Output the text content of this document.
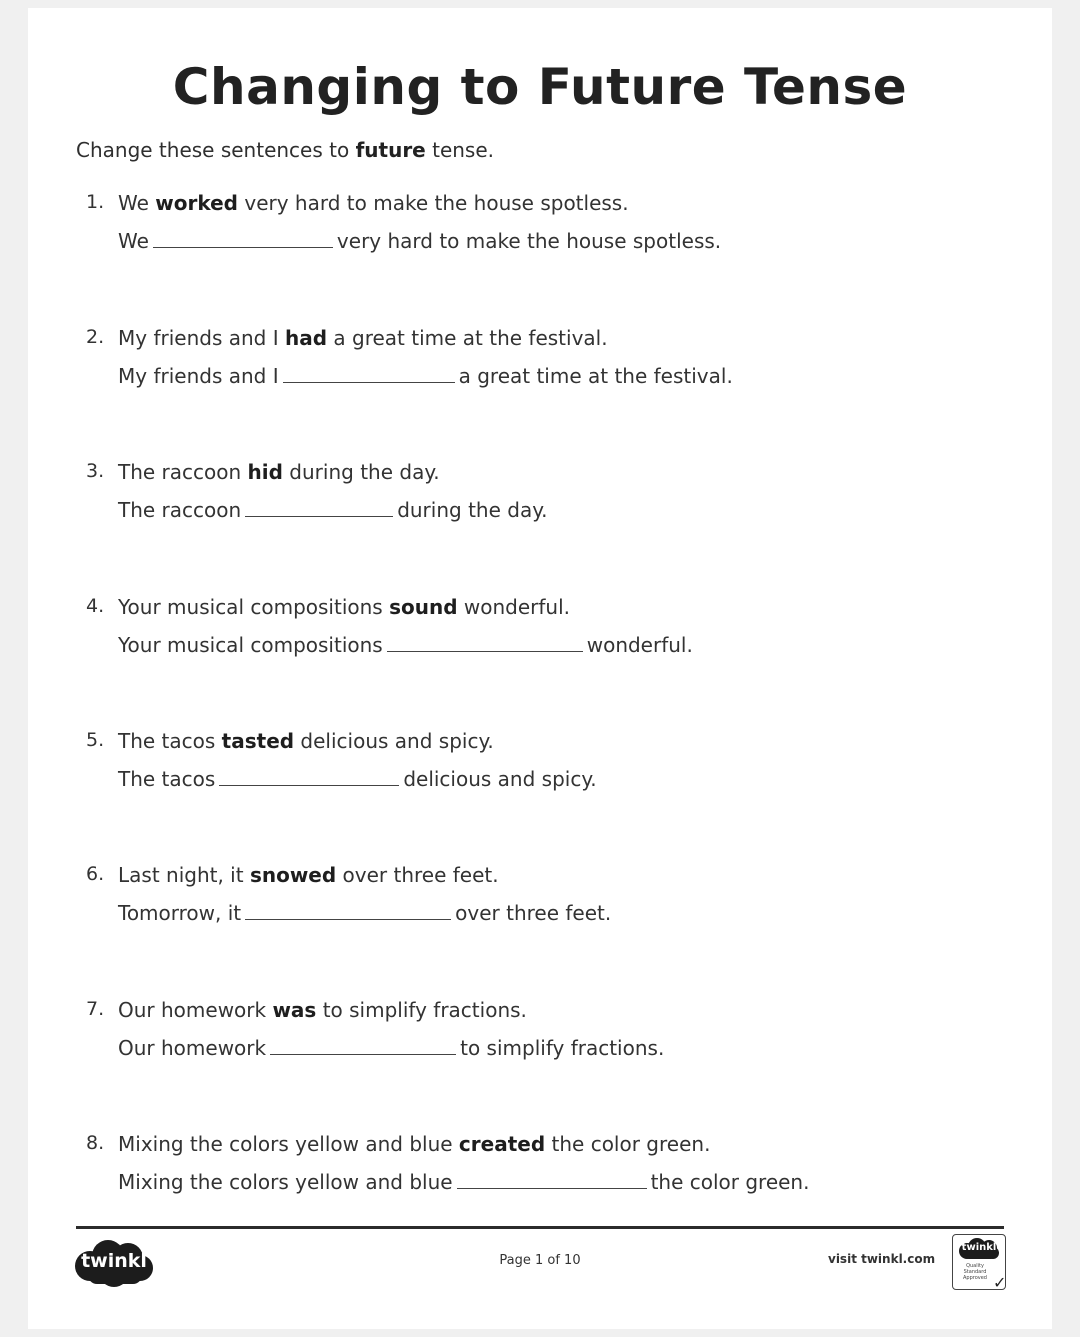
Changing to Future Tense
Change these sentences to future tense.
1. We worked very hard to make the house spotless.
We	very hard to make the house spotless.
2. My friends and I had a great time at the festival.
My friends and I	a great time at the festival.
3. The raccoon hid during the day.
The raccoon	during the day.
4. Your musical compositions sound wonderful.
Your musical compositions	wonderful.
5. The tacos tasted delicious and spicy.
The tacos	delicious and spicy.
6. Last night, it snowed over three feet.
Tomorrow, it	over three feet.
7. Our homework was to simplify fractions.
Our homework	to simplify fractions.
8. Mixing the colors yellow and blue created the color green.
Mixing the colors yellow and blue	the color green.
twinkl	Page 1 of 10	visit twinkl.com
twinkl
Quality Standard Approved ✓
